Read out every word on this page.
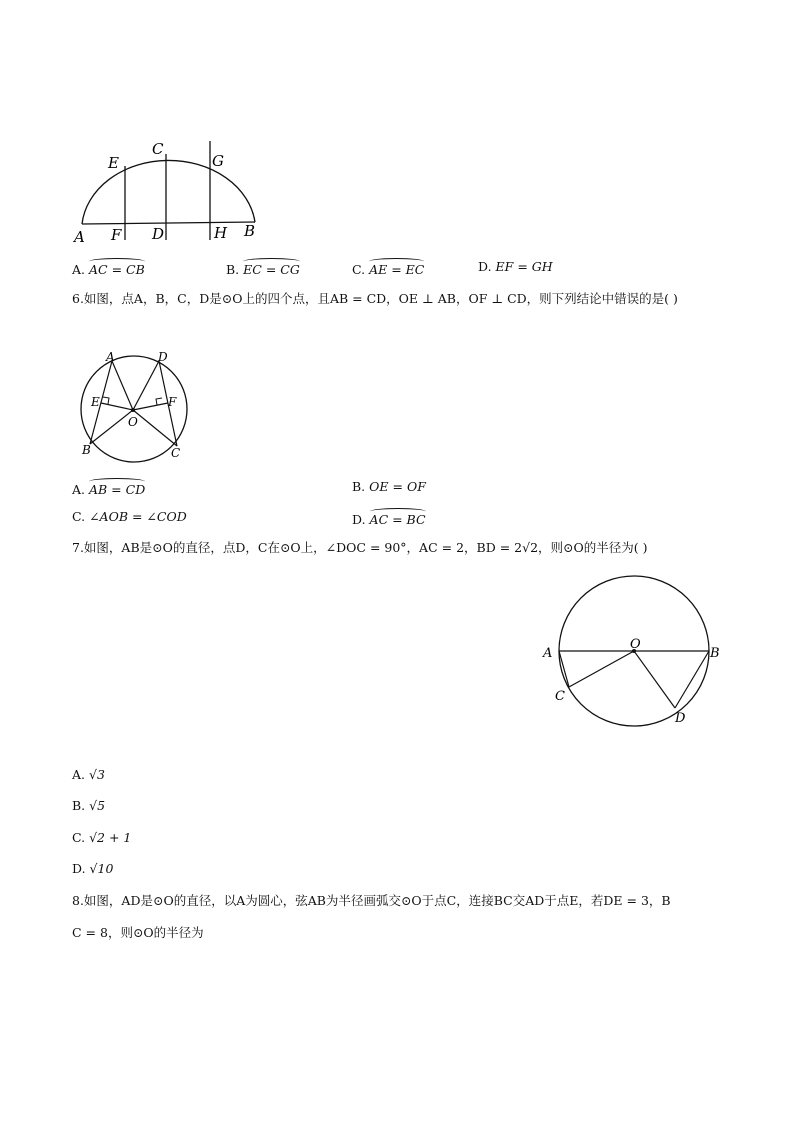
E
C
G
A F D	H B
A. AC = CB	B. EC = CG	C. AE = EC	D. EF = GH
6.如图，点A，B，C，D是⊙O上的四个点，且AB = CD，OE ⊥ AB，OF ⊥ CD，则下列结论中错误的是( )
A	D
E	F
O
B	C
A. AB = CD	B. OE = OF
C. ∠AOB = ∠COD	D. AC = BC
7.如图，AB是⊙O的直径，点D，C在⊙O上，∠DOC = 90°，AC = 2，BD = 2√2，则⊙O的半径为( )
O
A	B
C
D
A. √3
B. √5
C. √2 + 1
D. √10
8.如图，AD是⊙O的直径，以A为圆心，弦AB为半径画弧交⊙O于点C，连接BC交AD于点E，若DE = 3，B
C = 8，则⊙O的半径为
